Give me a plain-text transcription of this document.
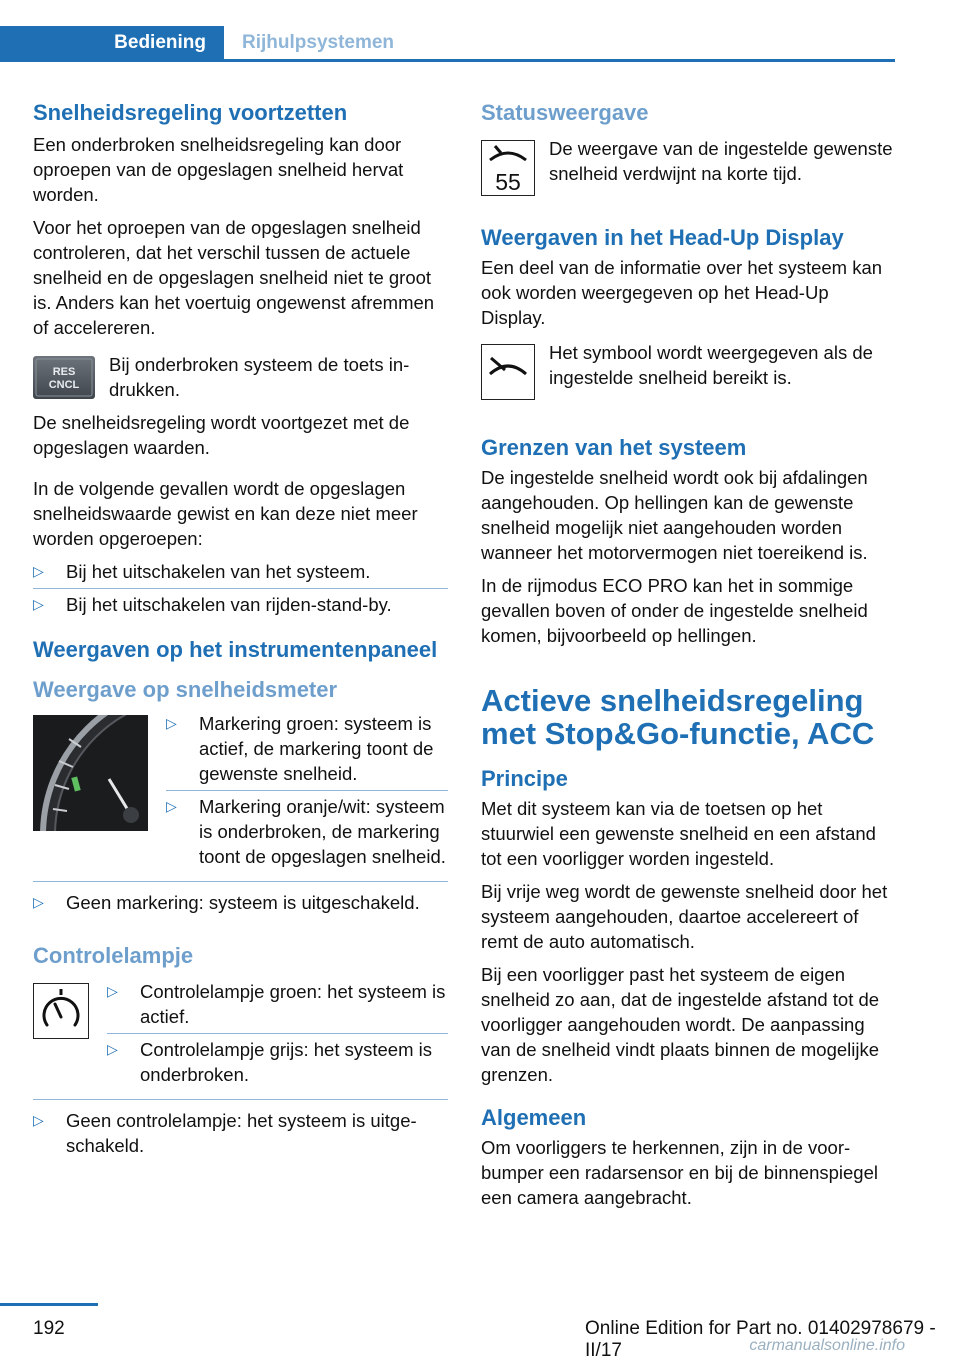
Bediening	Rijhulpsystemen
Snelheidsregeling voortzetten

Een onderbroken snelheidsregeling kan door oproepen van de opgeslagen snelheid hervat worden.

Voor het oproepen van de opgeslagen snelheid controleren, dat het verschil tussen de actuele snelheid en de opgeslagen snelheid niet te groot is. Anders kan het voertuig ongewenst afremmen of accelereren.

RES
CNCL
Bij onderbroken systeem de toets indrukken.

De snelheidsregeling wordt voortgezet met de opgeslagen waarden.

In de volgende gevallen wordt de opgeslagen snelheidswaarde gewist en kan deze niet meer worden opgeroepen:

▷ Bij het uitschakelen van het systeem.
▷ Bij het uitschakelen van rijden-stand-by.
Weergaven op het instrumentenpaneel
Weergave op snelheidsmeter
▷ Markering groen: systeem is actief, de markering toont de gewenste snelheid.
▷ Markering oranje/wit: systeem is onderbroken, de markering toont de opgeslagen snelheid.
▷ Geen markering: systeem is uitgeschakeld.
Controlelampje
▷ Controlelampje groen: het systeem is actief.
▷ Controlelampje grijs: het systeem is onderbroken.
▷ Geen controlelampje: het systeem is uitgeschakeld.
Statusweergave
55
De weergave van de ingestelde gewenste snelheid verdwijnt na korte tijd.
Weergaven in het Head-Up Display

Een deel van de informatie over het systeem kan ook worden weergegeven op het Head-Up Display.

Het symbool wordt weergegeven als de ingestelde snelheid bereikt is.
Grenzen van het systeem

De ingestelde snelheid wordt ook bij afdalingen aangehouden. Op hellingen kan de gewenste snelheid mogelijk niet aangehouden worden wanneer het motorvermogen niet toereikend is.

In de rijmodus ECO PRO kan het in sommige gevallen boven of onder de ingestelde snelheid komen, bijvoorbeeld op hellingen.

Actieve snelheidsregeling met Stop&Go-functie, ACC
Principe

Met dit systeem kan via de toetsen op het stuurwiel een gewenste snelheid en een afstand tot een voorligger worden ingesteld.

Bij vrije weg wordt de gewenste snelheid door het systeem aangehouden, daartoe accelereert of remt de auto automatisch.

Bij een voorligger past het systeem de eigen snelheid zo aan, dat de ingestelde afstand tot de voorligger aangehouden wordt. De aanpassing van de snelheid vindt plaats binnen de mogelijke grenzen.

Algemeen

Om voorliggers te herkennen, zijn in de voorbumper een radarsensor en bij de binnenspiegel een camera aangebracht.

192	Online Edition for Part no. 01402978679 - II/17	carmanualsonline.info
